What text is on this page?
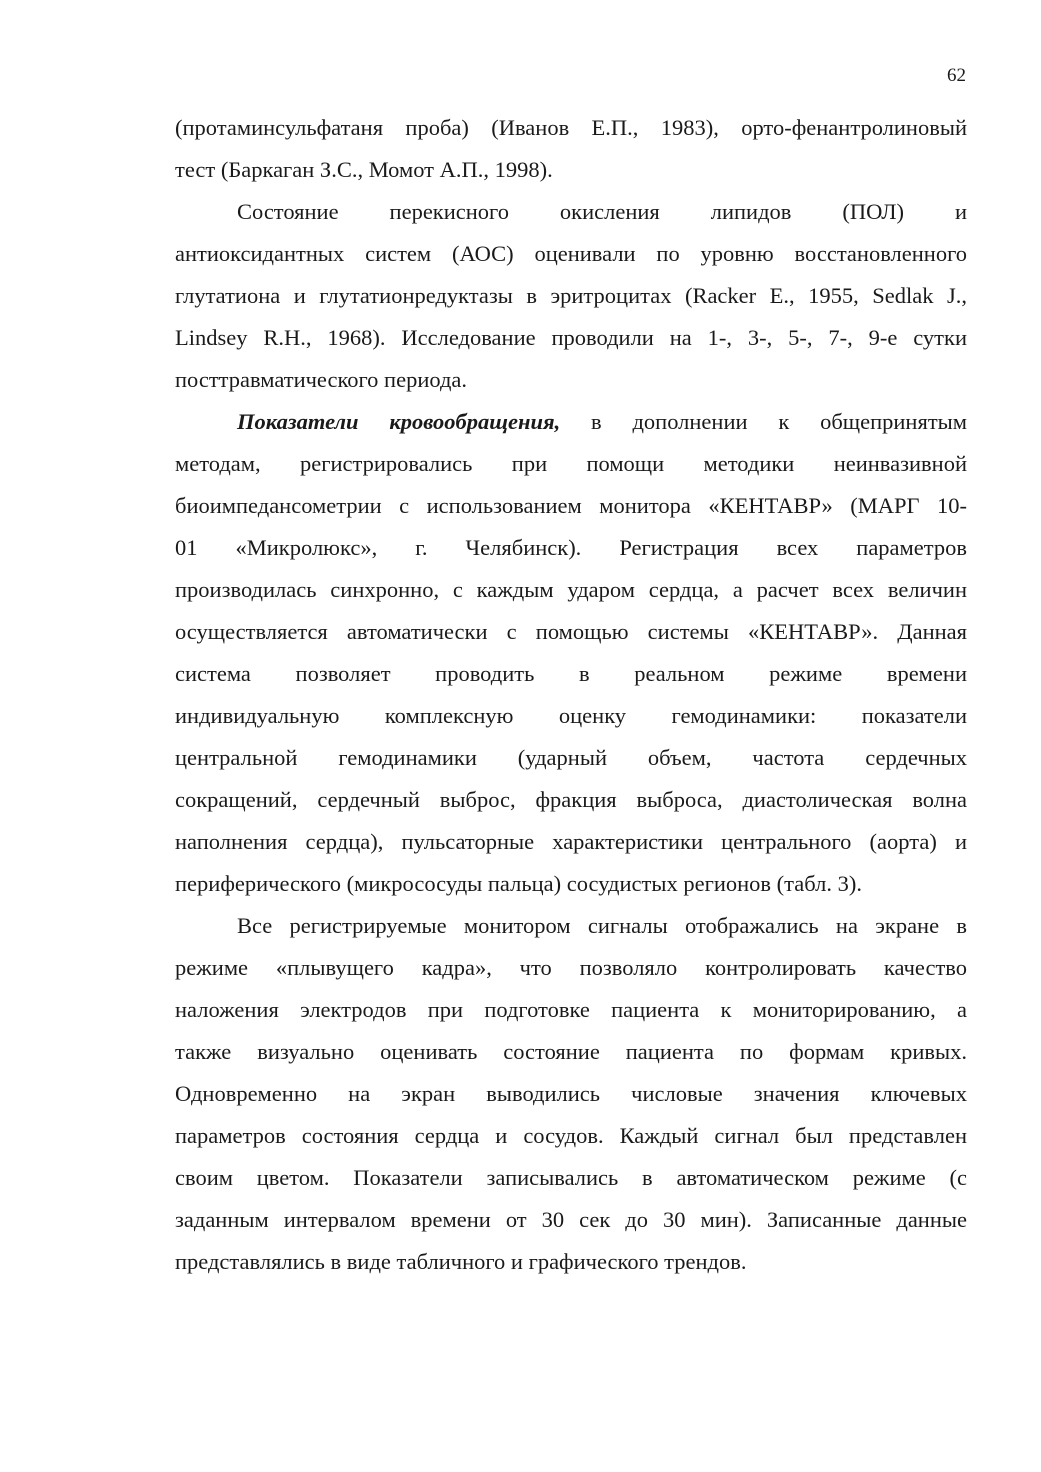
62
(протаминсульфатаня проба) (Иванов Е.П., 1983), орто-фенантролиновый
тест (Баркаган З.С., Момот А.П., 1998).
Состояние перекисного окисления липидов (ПОЛ) и
антиоксидантных систем (АОС) оценивали по уровню восстановленного
глутатиона и глутатионредуктазы в эритроцитах (Racker E., 1955, Sedlak J.,
Lindsey R.H., 1968). Исследование проводили на 1-, 3-, 5-, 7-, 9-е сутки
посттравматического периода.
Показатели кровообращения, в дополнении к общепринятым
методам, регистрировались при помощи методики неинвазивной
биоимпедансометрии с использованием монитора «КЕНТАВР» (МАРГ 10-
01 «Микролюкс», г. Челябинск). Регистрация всех параметров
производилась синхронно, с каждым ударом сердца, а расчет всех величин
осуществляется автоматически с помощью системы «КЕНТАВР». Данная
система позволяет проводить в реальном режиме времени
индивидуальную комплексную оценку гемодинамики: показатели
центральной гемодинамики (ударный объем, частота сердечных
сокращений, сердечный выброс, фракция выброса, диастолическая волна
наполнения сердца), пульсаторные характеристики центрального (аорта) и
периферического (микрососуды пальца) сосудистых регионов (табл. 3).
Все регистрируемые монитором сигналы отображались на экране в
режиме «плывущего кадра», что позволяло контролировать качество
наложения электродов при подготовке пациента к мониторированию, а
также визуально оценивать состояние пациента по формам кривых.
Одновременно на экран выводились числовые значения ключевых
параметров состояния сердца и сосудов. Каждый сигнал был представлен
своим цветом. Показатели записывались в автоматическом режиме (с
заданным интервалом времени от 30 сек до 30 мин). Записанные данные
представлялись в виде табличного и графического трендов.
